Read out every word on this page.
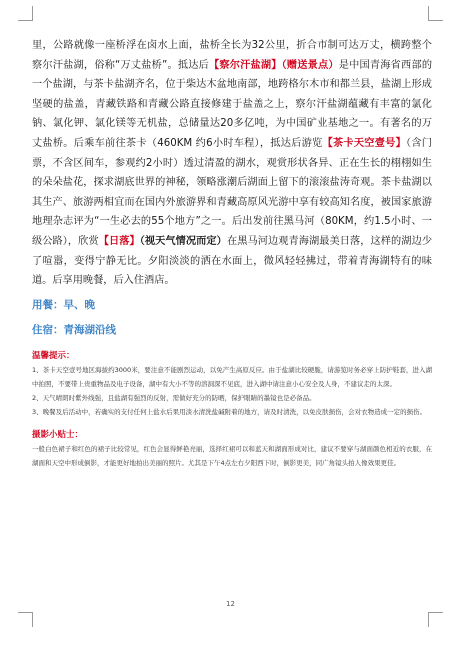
里，公路就像一座桥浮在卤水上面，盐桥全长为32公里，折合市制可达万丈，横跨整个察尔汗盐湖，俗称“万丈盐桥”。抵达后【察尔汗盐湖】（赠送景点）是中国青海省西部的一个盐湖，与茶卡盐湖齐名，位于柴达木盆地南部，地跨格尔木市和都兰县，盐湖上形成坚硬的盐盖，青藏铁路和青藏公路直接修建于盐盖之上，察尔汗盐湖蕴藏有丰富的氯化钠、氯化钾、氯化镁等无机盐，总储量达20多亿吨，为中国矿业基地之一。有著名的万丈盐桥。后乘车前往茶卡（460KM 约6小时车程），抵达后游览【茶卡天空壹号】（含门票，不含区间车，参观约2小时）透过清盈的湖水，观赏形状各异、正在生长的栩栩如生的朵朵盐花，探求湖底世界的神秘，领略涨潮后湖面上留下的滚滚盐涛奇观。茶卡盐湖以其生产、旅游两相宜而在国内外旅游界和青藏高原风光游中享有较高知名度，被国家旅游地理杂志评为“一生必去的55个地方”之一。后出发前往黑马河（80KM，约1.5小时、一级公路），欣赏【日落】（视天气情况而定）在黑马河边观青海湖最美日落，这样的湖边少了喧嚣，变得宁静无比。夕阳淡淡的洒在水面上，微风轻轻拂过，带着青海湖特有的味道。后享用晚餐，后入住酒店。

用餐：早、晚

住宿：青海湖沿线

温馨提示：

1、茶卡天空壹号地区海拔约3000米，要注意不能剧烈运动，以免产生高原反应。由于盐湖比较硬脆，请游览时务必穿上防护鞋套，进入湖中拍照，不要带上贵重物品及电子设备，湖中有大小不等的溶洞深不见底，进入湖中请注意小心安全及人身，不建议走的太深。

2、天气晴朗时紫外线强，且盐湖有强烈的反射，需做好充分的防晒，保护眼睛的墨镜也是必备品。

3、晚餐及后活动中，若确实的支付任何上盐水后果用淡水清洗盐碱附着的地方，请及时清洗，以免皮肤损伤，会对衣物造成一定的损伤。

摄影小贴士：

一般白色裙子和红色的裙子比较常见，红色会显得鲜艳亮丽，选择红裙可以和蓝天和湖面形成对比，建议不要穿与湖面颜色相近的衣服，在湖面和天空中形成倒影，才能更好地拍出美丽的照片。尤其是下午4点左右夕阳西下时，倒影更美，同广角镜头拍人像效果更佳。

12
